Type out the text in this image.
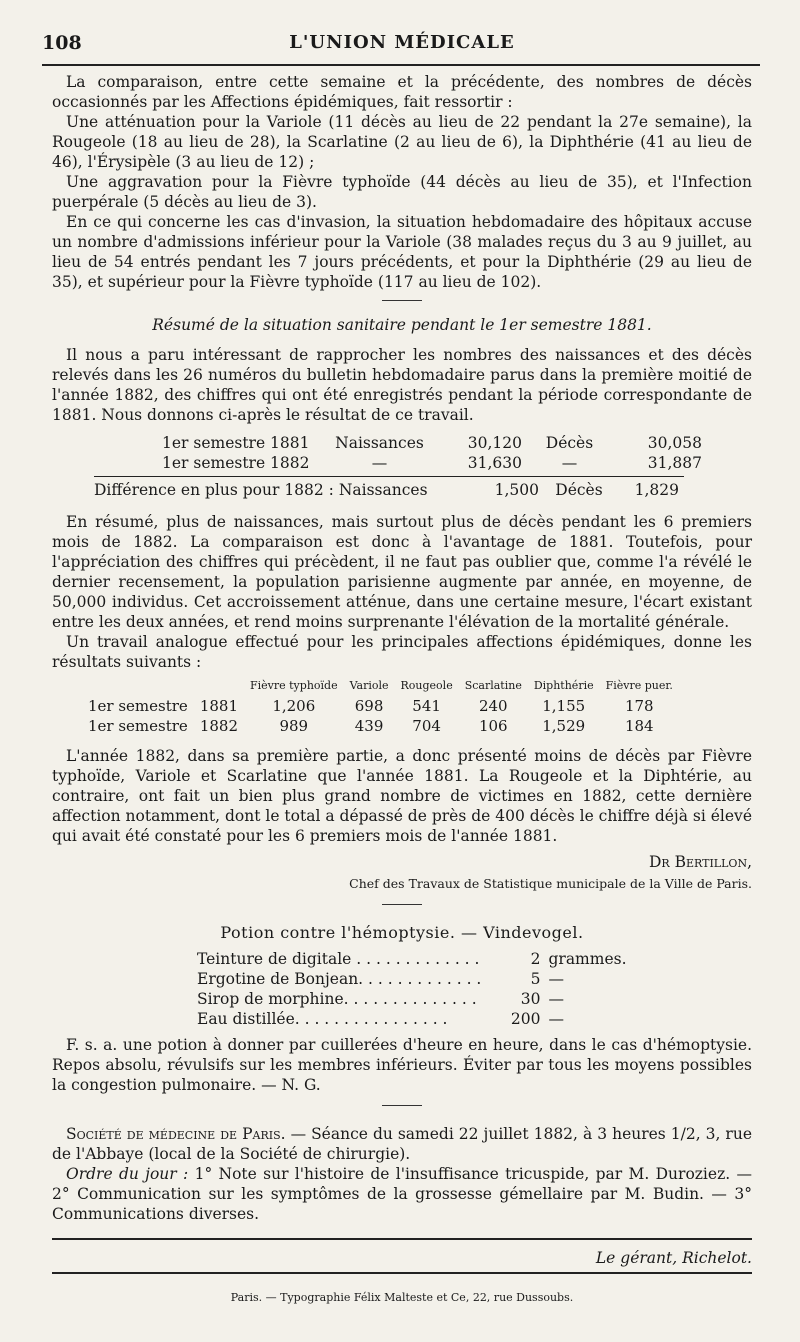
108	L'UNION MÉDICALE

La comparaison, entre cette semaine et la précédente, des nombres de décès occasionnés par les Affections épidémiques, fait ressortir :

Une atténuation pour la Variole (11 décès au lieu de 22 pendant la 27e semaine), la Rougeole (18 au lieu de 28), la Scarlatine (2 au lieu de 6), la Diphthérie (41 au lieu de 46), l'Érysipèle (3 au lieu de 12) ;

Une aggravation pour la Fièvre typhoïde (44 décès au lieu de 35), et l'Infection puerpérale (5 décès au lieu de 3).

En ce qui concerne les cas d'invasion, la situation hebdomadaire des hôpitaux accuse un nombre d'admissions inférieur pour la Variole (38 malades reçus du 3 au 9 juillet, au lieu de 54 entrés pendant les 7 jours précédents, et pour la Diphthérie (29 au lieu de 35), et supérieur pour la Fièvre typhoïde (117 au lieu de 102).

Résumé de la situation sanitaire pendant le 1er semestre 1881.

Il nous a paru intéressant de rapprocher les nombres des naissances et des décès relevés dans les 26 numéros du bulletin hebdomadaire parus dans la première moitié de l'année 1882, des chiffres qui ont été enregistrés pendant la période correspondante de 1881. Nous donnons ci-après le résultat de ce travail.

1er semestre 1881	Naissances	30,120	Décès	30,058
1er semestre 1882	—	31,630	—	31,887
Différence en plus pour 1882 : Naissances	1,500 Décès 1,829

En résumé, plus de naissances, mais surtout plus de décès pendant les 6 premiers mois de 1882. La comparaison est donc à l'avantage de 1881. Toutefois, pour l'appréciation des chiffres qui précèdent, il ne faut pas oublier que, comme l'a révélé le dernier recensement, la population parisienne augmente par année, en moyenne, de 50,000 individus. Cet accroissement atténue, dans une certaine mesure, l'écart existant entre les deux années, et rend moins surprenante l'élévation de la mortalité générale.

Un travail analogue effectué pour les principales affections épidémiques, donne les résultats suivants :

		Fièvre typhoïde	Variole	Rougeole	Scarlatine	Diphthérie	Fièvre puer.
1er semestre	1881	1,206	698	541	240	1,155	178
1er semestre	1882	989	439	704	106	1,529	184

L'année 1882, dans sa première partie, a donc présenté moins de décès par Fièvre typhoïde, Variole et Scarlatine que l'année 1881. La Rougeole et la Diphtérie, au contraire, ont fait un bien plus grand nombre de victimes en 1882, cette dernière affection notamment, dont le total a dépassé de près de 400 décès le chiffre déjà si élevé qui avait été constaté pour les 6 premiers mois de l'année 1881.

Dr Bertillon,

Chef des Travaux de Statistique municipale de la Ville de Paris.

Potion contre l'hémoptysie. — Vindevogel.

Teinture de digitale . . . . . . . . . . . . .	2 grammes.
Ergotine de Bonjean. . . . . . . . . . . . .	5 —
Sirop de morphine. . . . . . . . . . . . . .	30 —
Eau distillée. . . . . . . . . . . . . . . .	200 —

F. s. a. une potion à donner par cuillerées d'heure en heure, dans le cas d'hémoptysie. Repos absolu, révulsifs sur les membres inférieurs. Éviter par tous les moyens possibles la congestion pulmonaire. — N. G.

Société de médecine de Paris. — Séance du samedi 22 juillet 1882, à 3 heures 1/2, 3, rue de l'Abbaye (local de la Société de chirurgie).

Ordre du jour : 1° Note sur l'histoire de l'insuffisance tricuspide, par M. Duroziez. — 2° Communication sur les symptômes de la grossesse gémellaire par M. Budin. — 3° Communications diverses.

Le gérant, Richelot.

Paris. — Typographie Félix Malteste et Ce, 22, rue Dussoubs.
